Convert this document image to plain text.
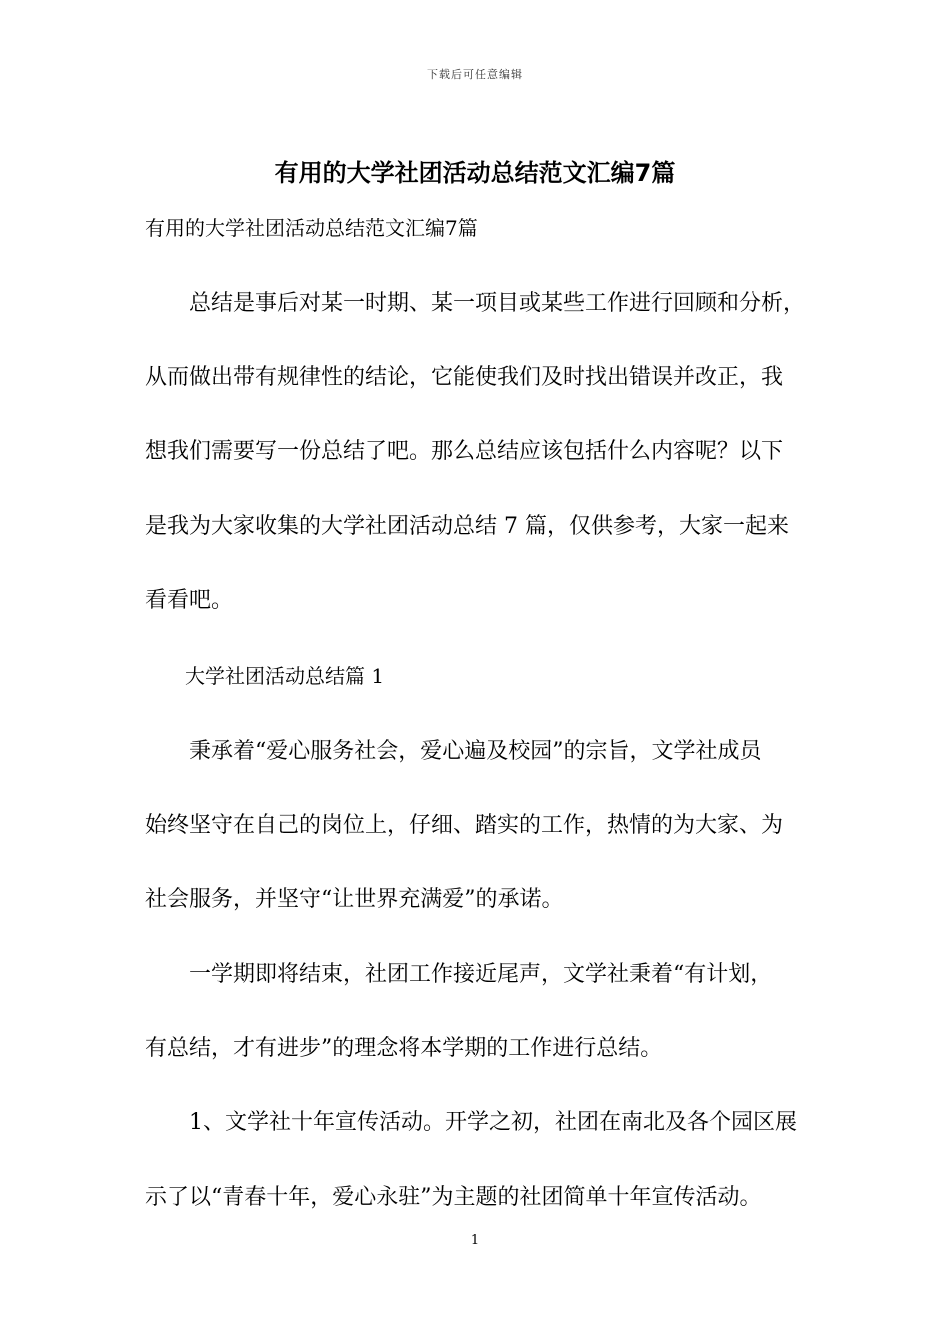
下载后可任意编辑
有用的大学社团活动总结范文汇编7篇

有用的大学社团活动总结范文汇编7篇

　　总结是事后对某一时期、某一项目或某些工作进行回顾和分析，

从而做出带有规律性的结论，它能使我们及时找出错误并改正，我

想我们需要写一份总结了吧。那么总结应该包括什么内容呢？以下

是我为大家收集的大学社团活动总结 7 篇，仅供参考，大家一起来

看看吧。

　　大学社团活动总结篇 1

　　秉承着“爱心服务社会，爱心遍及校园”的宗旨，文学社成员

始终坚守在自己的岗位上，仔细、踏实的工作，热情的为大家、为

社会服务，并坚守“让世界充满爱”的承诺。

　　一学期即将结束，社团工作接近尾声，文学社秉着“有计划，

有总结，才有进步”的理念将本学期的工作进行总结。

　　1、文学社十年宣传活动。开学之初，社团在南北及各个园区展

示了以“青春十年，爱心永驻”为主题的社团简单十年宣传活动。

1
